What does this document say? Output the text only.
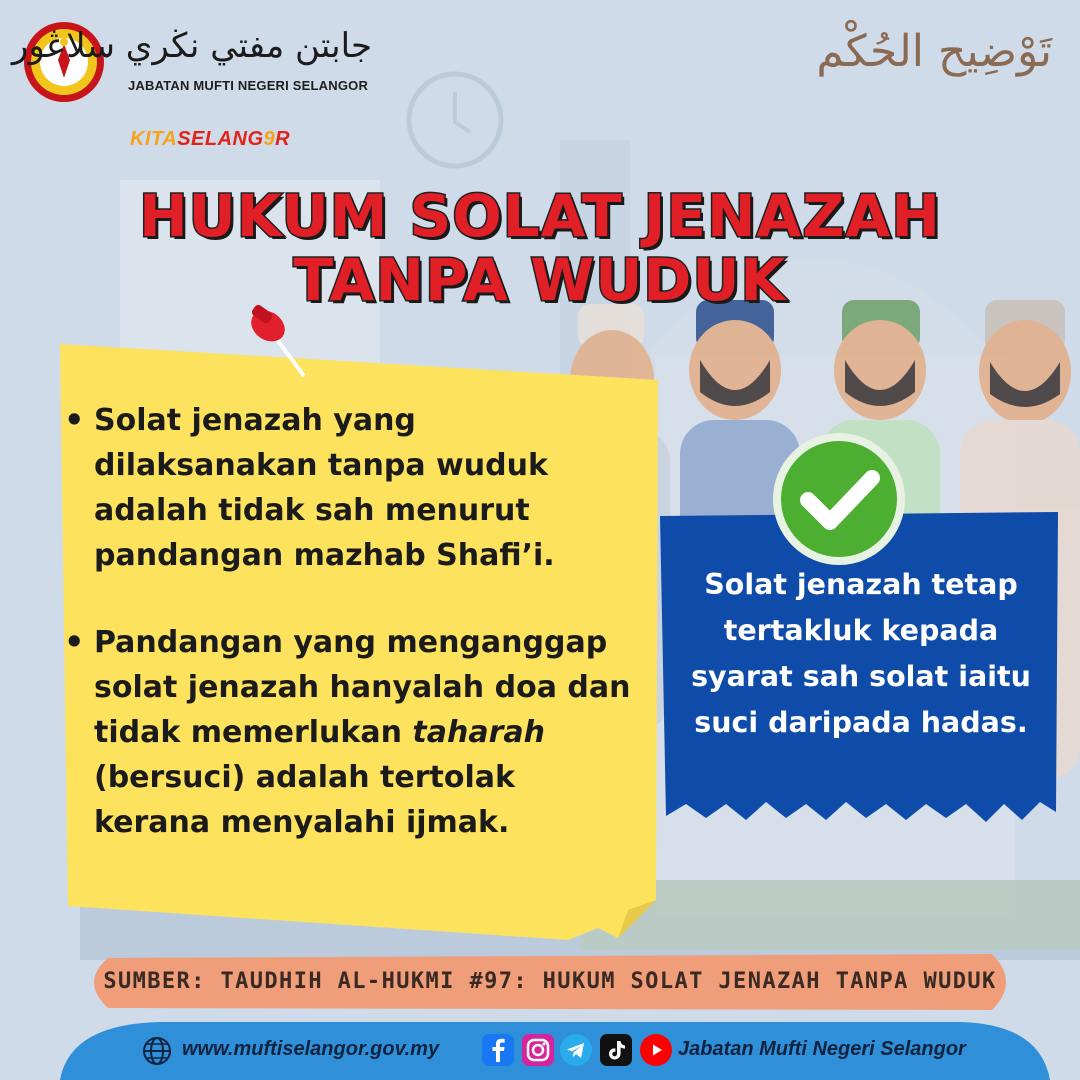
جابتن مفتي نڬري سلاڠور
JABATAN MUFTI NEGERI SELANGOR
تَوْضِيح الحُكْم
KITASELANG9R
HUKUM SOLAT JENAZAH
TANPA WUDUK
• Solat jenazah yang dilaksanakan tanpa wuduk adalah tidak sah menurut pandangan mazhab Shafi’i.
• Pandangan yang menganggap solat jenazah hanyalah doa dan tidak memerlukan taharah (bersuci) adalah tertolak kerana menyalahi ijmak.
Solat jenazah tetap tertakluk kepada syarat sah solat iaitu suci daripada hadas.
SUMBER: TAUDHIH AL-HUKMI #97: HUKUM SOLAT JENAZAH TANPA WUDUK
www.muftiselangor.gov.my	Jabatan Mufti Negeri Selangor
